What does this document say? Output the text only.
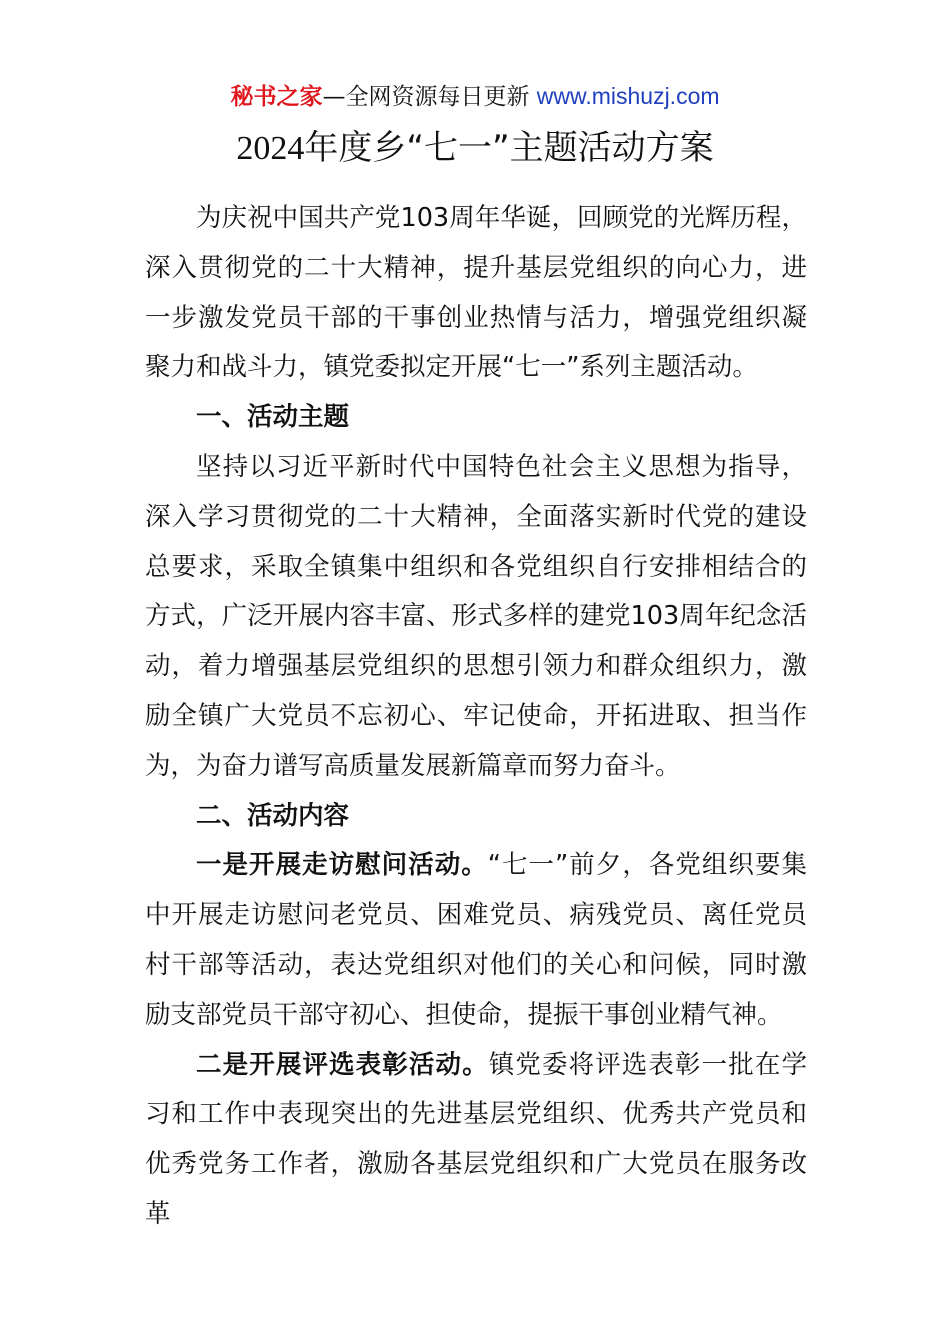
秘书之家—全网资源每日更新 www.mishuzj.com
2024年度乡“七一”主题活动方案

为庆祝中国共产党103周年华诞，回顾党的光辉历程，深入贯彻党的二十大精神，提升基层党组织的向心力，进一步激发党员干部的干事创业热情与活力，增强党组织凝聚力和战斗力，镇党委拟定开展“七一”系列主题活动。

一、活动主题

坚持以习近平新时代中国特色社会主义思想为指导，深入学习贯彻党的二十大精神，全面落实新时代党的建设总要求，采取全镇集中组织和各党组织自行安排相结合的方式，广泛开展内容丰富、形式多样的建党103周年纪念活动，着力增强基层党组织的思想引领力和群众组织力，激励全镇广大党员不忘初心、牢记使命，开拓进取、担当作为，为奋力谱写高质量发展新篇章而努力奋斗。

二、活动内容

一是开展走访慰问活动。“七一”前夕，各党组织要集中开展走访慰问老党员、困难党员、病残党员、离任党员村干部等活动，表达党组织对他们的关心和问候，同时激励支部党员干部守初心、担使命，提振干事创业精气神。

二是开展评选表彰活动。镇党委将评选表彰一批在学习和工作中表现突出的先进基层党组织、优秀共产党员和优秀党务工作者，激励各基层党组织和广大党员在服务改革
